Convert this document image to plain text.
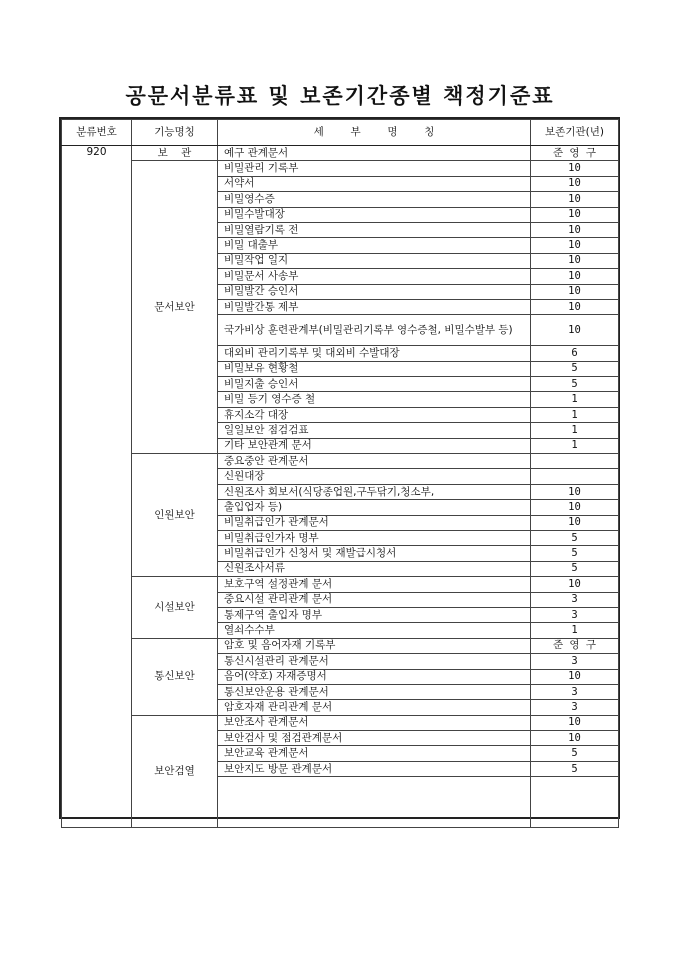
공문서분류표 및 보존기간종별 책정기준표
분류번호	기능명칭	세        부        명        칭	보존기관(년)
920	보    관	예구 관계문서	준 영 구
	문서보안	비밀관리 기록부	10
		서약서	10
		비밀영수증	10
		비밀수발대장	10
		비밀열람기록 전	10
		비밀 대출부	10
		비밀작업 일지	10
		비밀문서 사송부	10
		비밀발간 승인서	10
		비밀발간통 제부	10
		국가비상 훈련관계부(비밀관리기록부 영수증철, 비밀수발부 등)	10
		대외비 관리기록부 및 대외비 수발대장	6
		비밀보유 현황철	5
		비밀지출 승인서	5
		비밀 등기 영수증 철	1
		휴지소각 대장	1
		일일보안 점검검표	1
		기타 보안관계 문서	1
	인원보안	중요중안 관계문서	
		신원대장	
		신원조사 회보서(식당종업원,구두닦기,청소부,	10
		출입업자 등)	10
		비밀취급인가 관계문서	10
		비밀취급인가자 명부	5
		비밀취급인가 신청서 및 재발급시청서	5
		신원조사서류	5
	시설보안	보호구역 설정관계 문서	10
		중요시설 관리관계 문서	3
		통제구역 출입자 명부	3
		열쇠수수부	1
	통신보안	암호 및 음어자재 기록부	준 영 구
		통신시설관리 관계문서	3
		음어(약호) 자재증명서	10
		통신보안운용 관계문서	3
		암호자재 관리관계 문서	3
	보안검열	보안조사 관계문서	10
		보안검사 및 점검관계문서	10
		보안교육 관계문서	5
		보안지도 방문 관계문서	5
